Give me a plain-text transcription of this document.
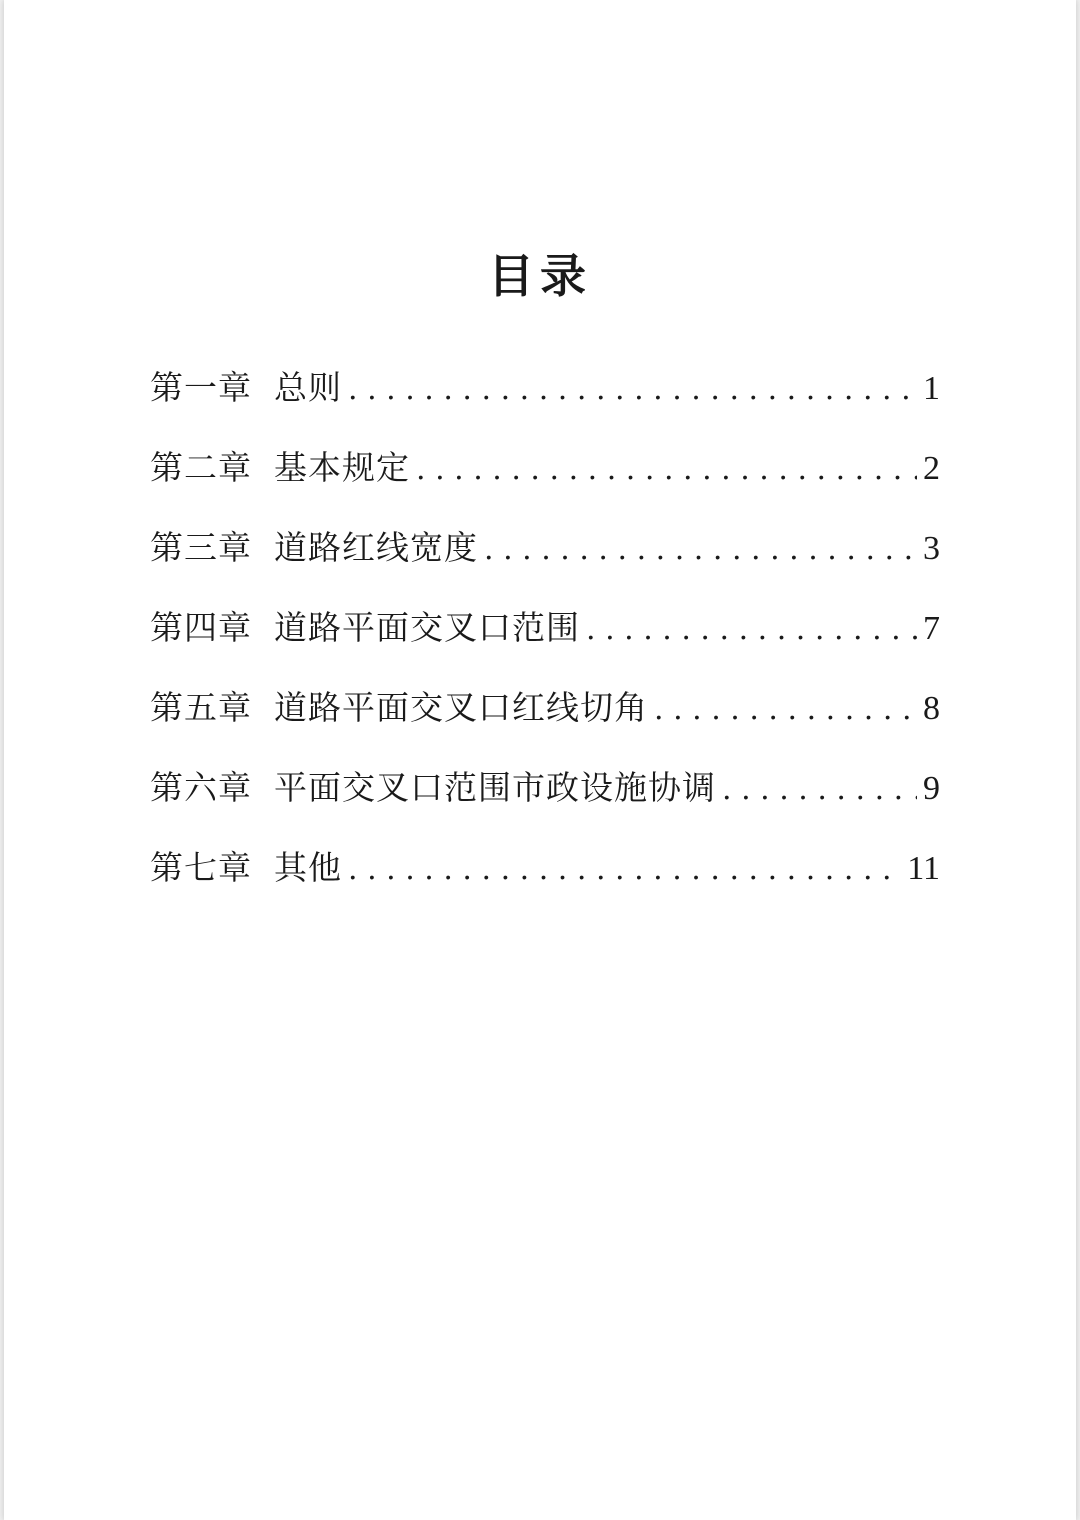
目录
第一章 总则 . . .	1
第二章 基本规定 . . .	2
第三章 道路红线宽度 . . .	3
第四章 道路平面交叉口范围 . . .	7
第五章 道路平面交叉口红线切角 . . .	8
第六章 平面交叉口范围市政设施协调 . . .	9
第七章 其他 . . .	11
